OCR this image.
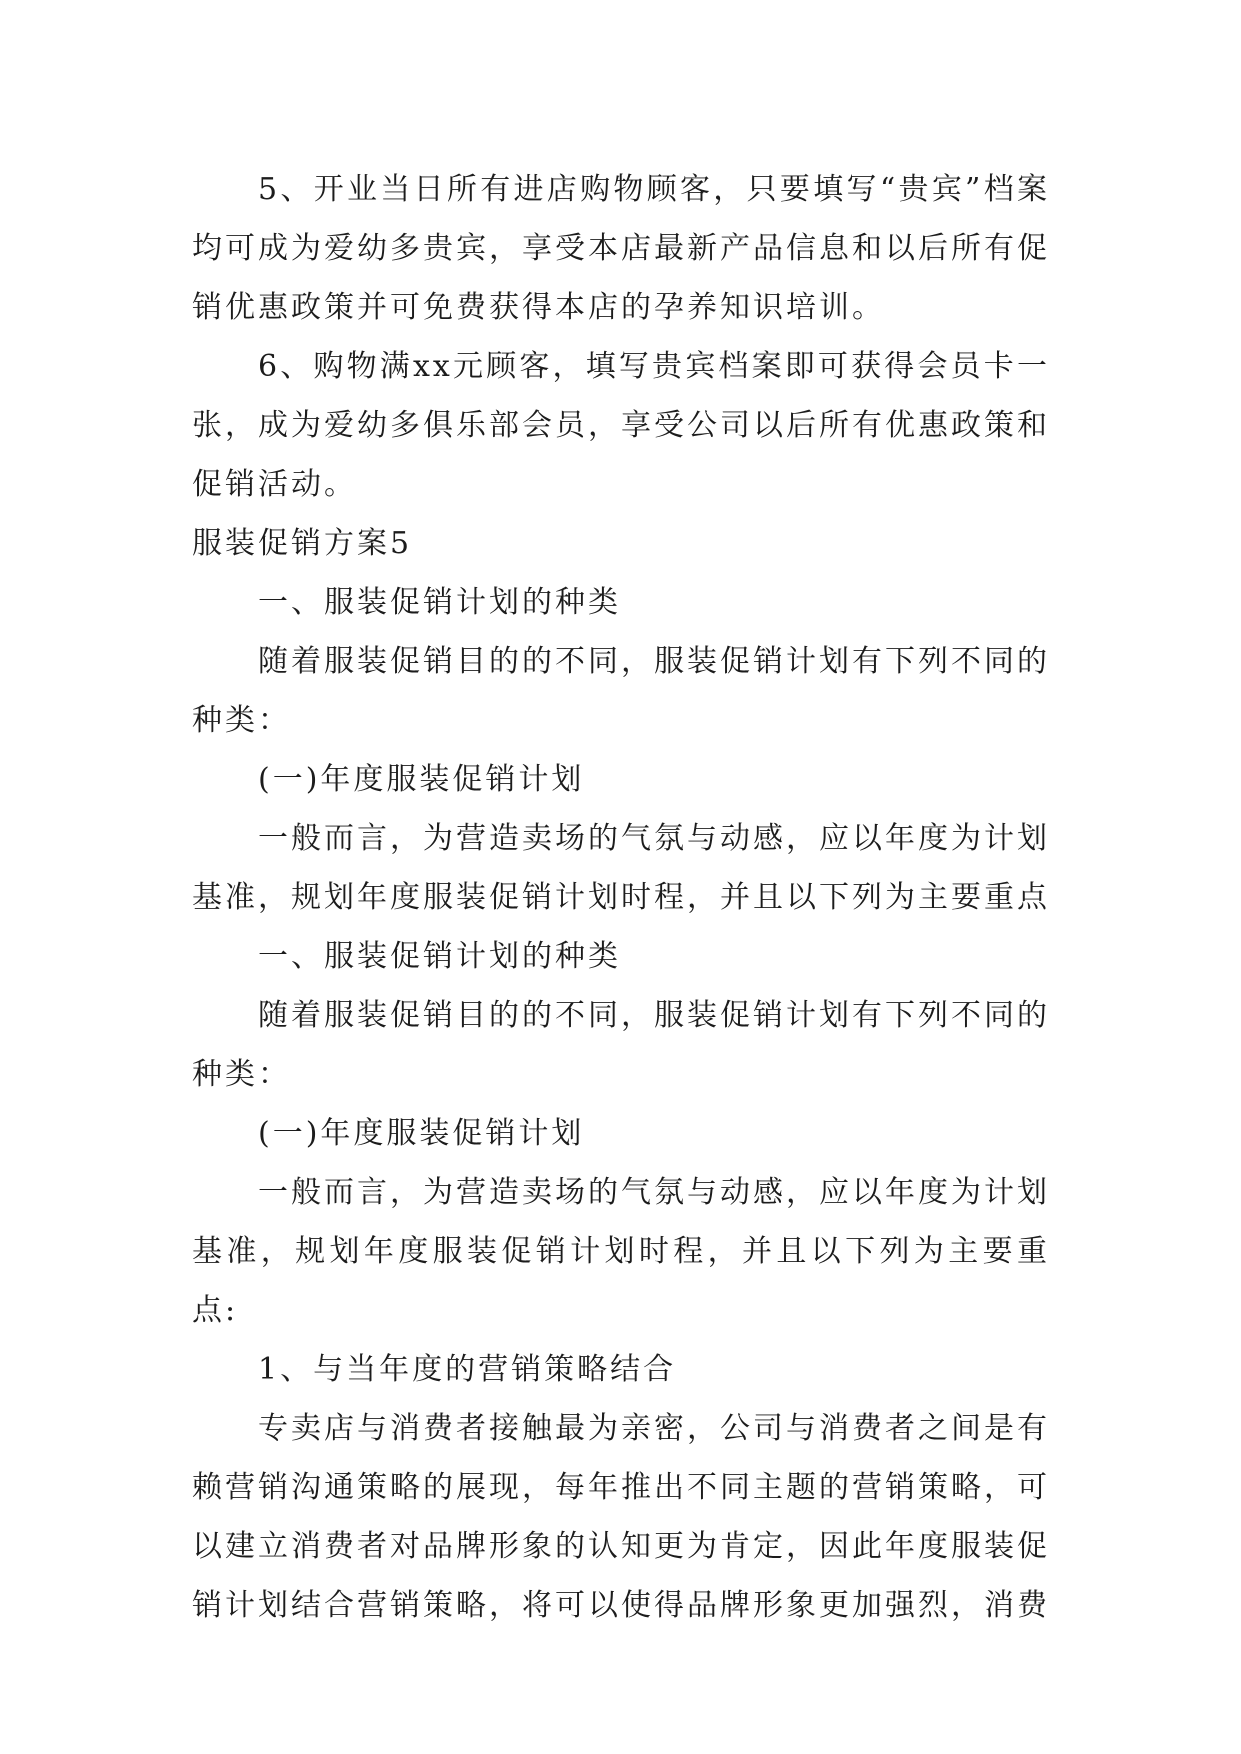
5、开业当日所有进店购物顾客，只要填写“贵宾”档案均可成为爱幼多贵宾，享受本店最新产品信息和以后所有促销优惠政策并可免费获得本店的孕养知识培训。

6、购物满xx元顾客，填写贵宾档案即可获得会员卡一张，成为爱幼多俱乐部会员，享受公司以后所有优惠政策和促销活动。

服装促销方案5

一、服装促销计划的种类

随着服装促销目的的不同，服装促销计划有下列不同的种类：

(一)年度服装促销计划

一般而言，为营造卖场的气氛与动感，应以年度为计划基准，规划年度服装促销计划时程，并且以下列为主要重点

一、服装促销计划的种类

随着服装促销目的的不同，服装促销计划有下列不同的种类：

(一)年度服装促销计划

一般而言，为营造卖场的气氛与动感，应以年度为计划基准，规划年度服装促销计划时程，并且以下列为主要重点:

1、与当年度的营销策略结合

专卖店与消费者接触最为亲密，公司与消费者之间是有赖营销沟通策略的展现，每年推出不同主题的营销策略，可以建立消费者对品牌形象的认知更为肯定，因此年度服装促销计划结合营销策略，将可以使得品牌形象更加强烈，消费
